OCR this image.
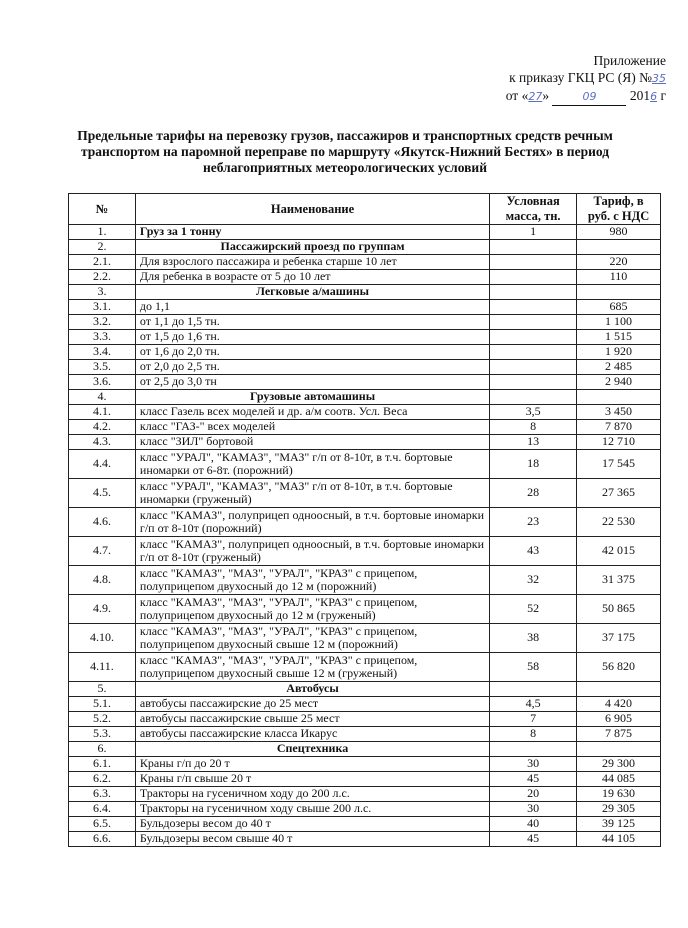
Приложение
к приказу ГКЦ РС (Я) №35
от «27»	09 2016 г
Предельные тарифы на перевозку грузов, пассажиров и транспортных средств речным транспортом на паромной переправе по маршруту «Якутск-Нижний Бестях» в период неблагоприятных метеорологических условий
№	Наименование	Условная масса, тн.	Тариф, в руб. с НДС
1.	Груз за 1 тонну	1	980
2.	Пассажирский проезд по группам		
2.1.	Для взрослого пассажира и ребенка старше 10 лет		220
2.2.	Для ребенка в возрасте от 5 до 10 лет		110
3.	Легковые а/машины		
3.1.	до 1,1		685
3.2.	от 1,1 до 1,5 тн.		1 100
3.3.	от 1,5 до 1,6 тн.		1 515
3.4.	от 1,6 до 2,0 тн.		1 920
3.5.	от 2,0 до 2,5 тн.		2 485
3.6.	от 2,5 до 3,0 тн		2 940
4.	Грузовые автомашины		
4.1.	класс Газель всех моделей и др. а/м соотв. Усл. Веса	3,5	3 450
4.2.	класс "ГАЗ-" всех моделей	8	7 870
4.3.	класс "ЗИЛ" бортовой	13	12 710
4.4.	класс "УРАЛ", "КАМАЗ", "МАЗ" г/п от 8-10т, в т.ч. бортовые иномарки от 6-8т. (порожний)	18	17 545
4.5.	класс "УРАЛ", "КАМАЗ", "МАЗ" г/п от 8-10т, в т.ч. бортовые иномарки (груженый)	28	27 365
4.6.	класс "КАМАЗ", полуприцеп одноосный, в т.ч. бортовые иномарки г/п от 8-10т (порожний)	23	22 530
4.7.	класс "КАМАЗ", полуприцеп одноосный, в т.ч. бортовые иномарки г/п от 8-10т (груженый)	43	42 015
4.8.	класс "КАМАЗ", "МАЗ", "УРАЛ", "КРАЗ" с прицепом, полуприцепом двухосный до 12 м (порожний)	32	31 375
4.9.	класс "КАМАЗ", "МАЗ", "УРАЛ", "КРАЗ" с прицепом, полуприцепом двухосный до 12 м (груженый)	52	50 865
4.10.	класс "КАМАЗ", "МАЗ", "УРАЛ", "КРАЗ" с прицепом, полуприцепом двухосный свыше 12 м (порожний)	38	37 175
4.11.	класс "КАМАЗ", "МАЗ", "УРАЛ", "КРАЗ" с прицепом, полуприцепом двухосный свыше 12 м (груженый)	58	56 820
5.	Автобусы		
5.1.	автобусы пассажирские до 25 мест	4,5	4 420
5.2.	автобусы пассажирские свыше 25 мест	7	6 905
5.3.	автобусы пассажирские класса Икарус	8	7 875
6.	Спецтехника		
6.1.	Краны г/п до 20 т	30	29 300
6.2.	Краны г/п свыше 20 т	45	44 085
6.3.	Тракторы на гусеничном ходу до 200 л.с.	20	19 630
6.4.	Тракторы на гусеничном ходу свыше 200 л.с.	30	29 305
6.5.	Бульдозеры весом до 40 т	40	39 125
6.6.	Бульдозеры весом свыше 40 т	45	44 105
